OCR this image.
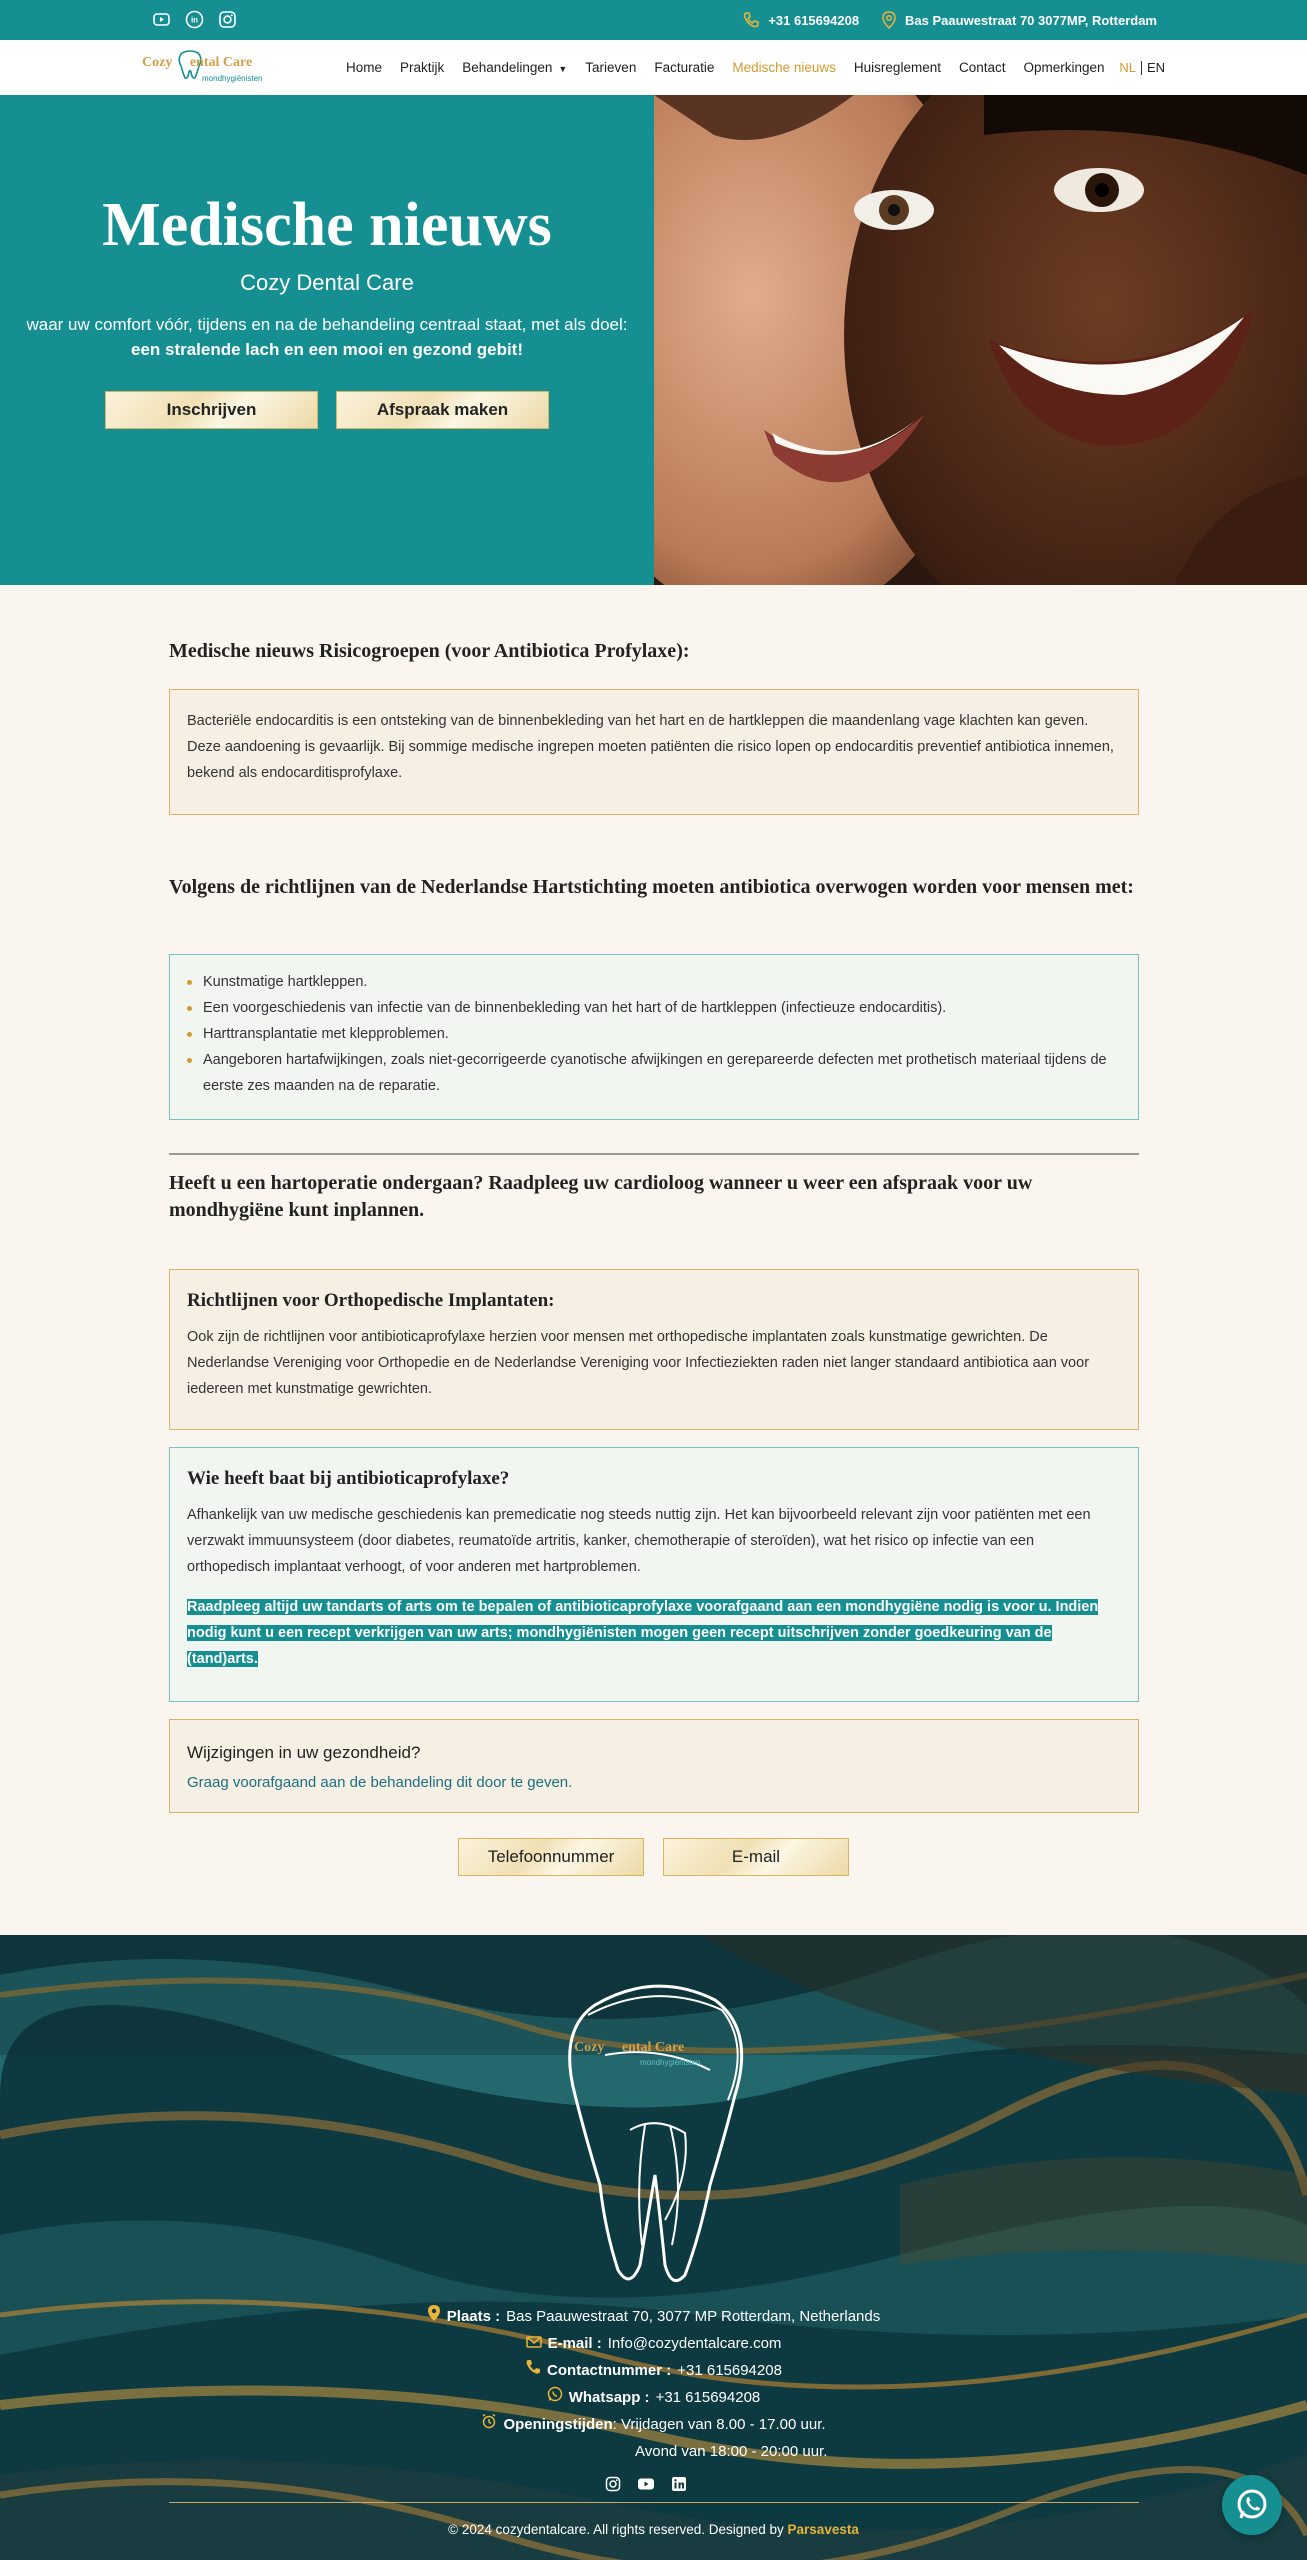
in	+31 615694208	Bas Paauwestraat 70 3077MP, Rotterdam
Cozy ental Care
mondhygiënisten
Home Praktijk Behandelingen ▼ Tarieven Facturatie Medische nieuws Huisreglement Contact Opmerkingen NL EN
Medische nieuws
Cozy Dental Care
waar uw comfort vóór, tijdens en na de behandeling centraal staat, met als doel:
een stralende lach en een mooi en gezond gebit!
Inschrijven	Afspraak maken
Medische nieuws Risicogroepen (voor Antibiotica Profylaxe):

Bacteriële endocarditis is een ontsteking van de binnenbekleding van het hart en de hartkleppen die maandenlang vage klachten kan geven. Deze aandoening is gevaarlijk. Bij sommige medische ingrepen moeten patiënten die risico lopen op endocarditis preventief antibiotica innemen, bekend als endocarditisprofylaxe.

Volgens de richtlijnen van de Nederlandse Hartstichting moeten antibiotica overwogen worden voor mensen met:
Kunstmatige hartkleppen.
Een voorgeschiedenis van infectie van de binnenbekleding van het hart of de hartkleppen (infectieuze endocarditis).
Harttransplantatie met klepproblemen.
Aangeboren hartafwijkingen, zoals niet-gecorrigeerde cyanotische afwijkingen en gerepareerde defecten met prothetisch materiaal tijdens de eerste zes maanden na de reparatie.
Heeft u een hartoperatie ondergaan? Raadpleeg uw cardioloog wanneer u weer een afspraak voor uw mondhygiëne kunt inplannen.
Richtlijnen voor Orthopedische Implantaten:

Ook zijn de richtlijnen voor antibioticaprofylaxe herzien voor mensen met orthopedische implantaten zoals kunstmatige gewrichten. De Nederlandse Vereniging voor Orthopedie en de Nederlandse Vereniging voor Infectieziekten raden niet langer standaard antibiotica aan voor iedereen met kunstmatige gewrichten.

Wie heeft baat bij antibioticaprofylaxe?

Afhankelijk van uw medische geschiedenis kan premedicatie nog steeds nuttig zijn. Het kan bijvoorbeeld relevant zijn voor patiënten met een verzwakt immuunsysteem (door diabetes, reumatoïde artritis, kanker, chemotherapie of steroïden), wat het risico op infectie van een orthopedisch implantaat verhoogt, of voor anderen met hartproblemen.

Raadpleeg altijd uw tandarts of arts om te bepalen of antibioticaprofylaxe voorafgaand aan een mondhygiëne nodig is voor u. Indien nodig kunt u een recept verkrijgen van uw arts; mondhygiënisten mogen geen recept uitschrijven zonder goedkeuring van de (tand)arts.

Wijzigingen in uw gezondheid?
Graag voorafgaand aan de behandeling dit door te geven.
Telefoonnummer	E-mail
Cozy ental Care
mondhygiënisten
Plaats : Bas Paauwestraat 70, 3077 MP Rotterdam, Netherlands
E-mail : Info@cozydentalcare.com
Contactnummer : +31 615694208
Whatsapp : +31 615694208
Openingstijden: Vrijdagen van 8.00 - 17.00 uur.
Avond van 18:00 - 20:00 uur.
© 2024 cozydentalcare. All rights reserved. Designed by Parsavesta
